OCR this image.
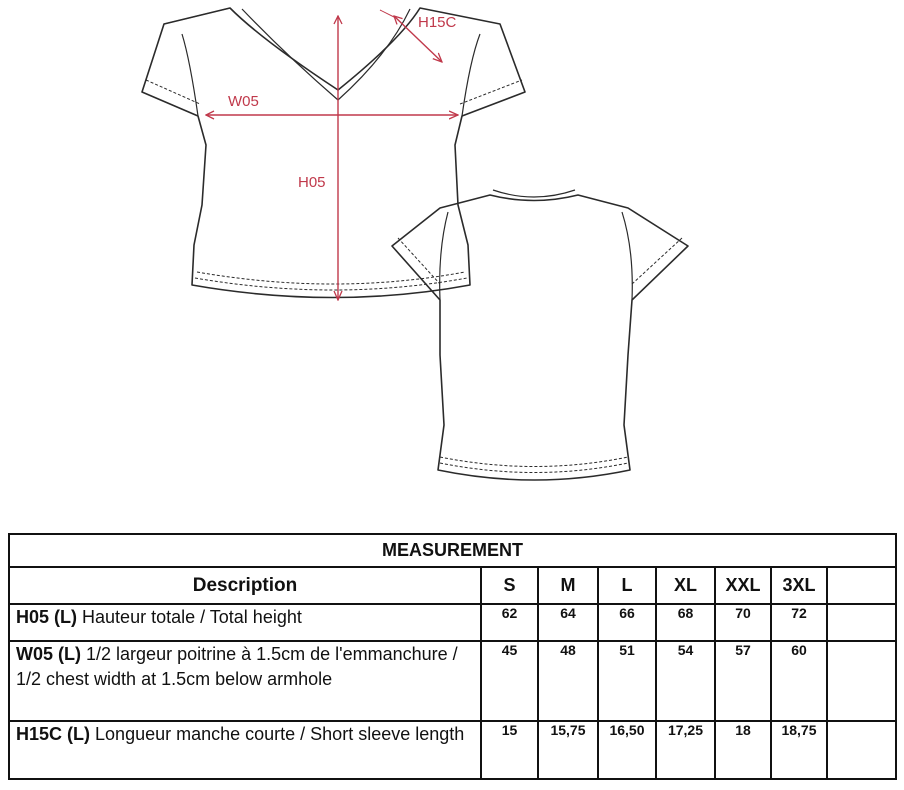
H15C
W05
H05
MEASUREMENT							
Description	S	M	L	XL	XXL	3XL	
H05 (L) Hauteur totale / Total height	62	64	66	68	70	72	
W05 (L) 1/2 largeur poitrine à 1.5cm de l'emmanchure / 1/2 chest width at 1.5cm below armhole	45	48	51	54	57	60	
H15C (L) Longueur manche courte / Short sleeve length	15	15,75	16,50	17,25	18	18,75	
